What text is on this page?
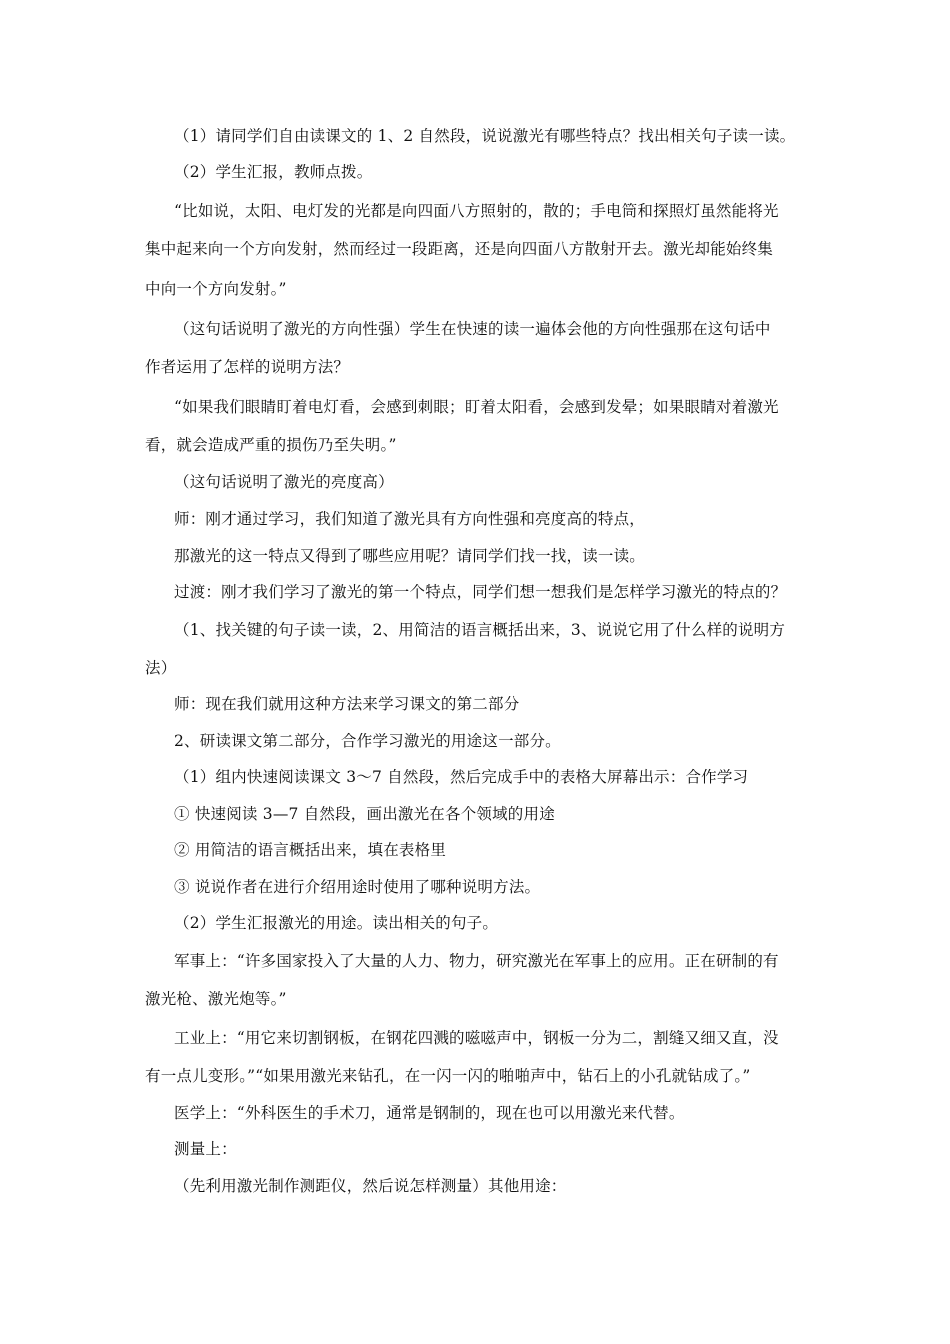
（1）请同学们自由读课文的 1、2 自然段，说说激光有哪些特点？找出相关句子读一读。
（2）学生汇报，教师点拨。
“比如说，太阳、电灯发的光都是向四面八方照射的，散的；手电筒和探照灯虽然能将光
集中起来向一个方向发射，然而经过一段距离，还是向四面八方散射开去。激光却能始终集
中向一个方向发射。”
（这句话说明了激光的方向性强）学生在快速的读一遍体会他的方向性强那在这句话中
作者运用了怎样的说明方法？
“如果我们眼睛盯着电灯看，会感到刺眼；盯着太阳看，会感到发晕；如果眼睛对着激光
看，就会造成严重的损伤乃至失明。”
（这句话说明了激光的亮度高）
师：刚才通过学习，我们知道了激光具有方向性强和亮度高的特点，
那激光的这一特点又得到了哪些应用呢？请同学们找一找，读一读。
过渡：刚才我们学习了激光的第一个特点，同学们想一想我们是怎样学习激光的特点的？
（1、找关键的句子读一读，2、用简洁的语言概括出来，3、说说它用了什么样的说明方
法）
师：现在我们就用这种方法来学习课文的第二部分
2、研读课文第二部分，合作学习激光的用途这一部分。
（1）组内快速阅读课文 3～7 自然段，然后完成手中的表格大屏幕出示：合作学习
① 快速阅读 3—7 自然段，画出激光在各个领域的用途
② 用简洁的语言概括出来，填在表格里
③ 说说作者在进行介绍用途时使用了哪种说明方法。
（2）学生汇报激光的用途。读出相关的句子。
军事上：“许多国家投入了大量的人力、物力，研究激光在军事上的应用。正在研制的有
激光枪、激光炮等。”
工业上：“用它来切割钢板，在钢花四溅的嗞嗞声中，钢板一分为二，割缝又细又直，没
有一点儿变形。”“如果用激光来钻孔，在一闪一闪的啪啪声中，钻石上的小孔就钻成了。”
医学上：“外科医生的手术刀，通常是钢制的，现在也可以用激光来代替。
测量上：
（先利用激光制作测距仪，然后说怎样测量）其他用途：
